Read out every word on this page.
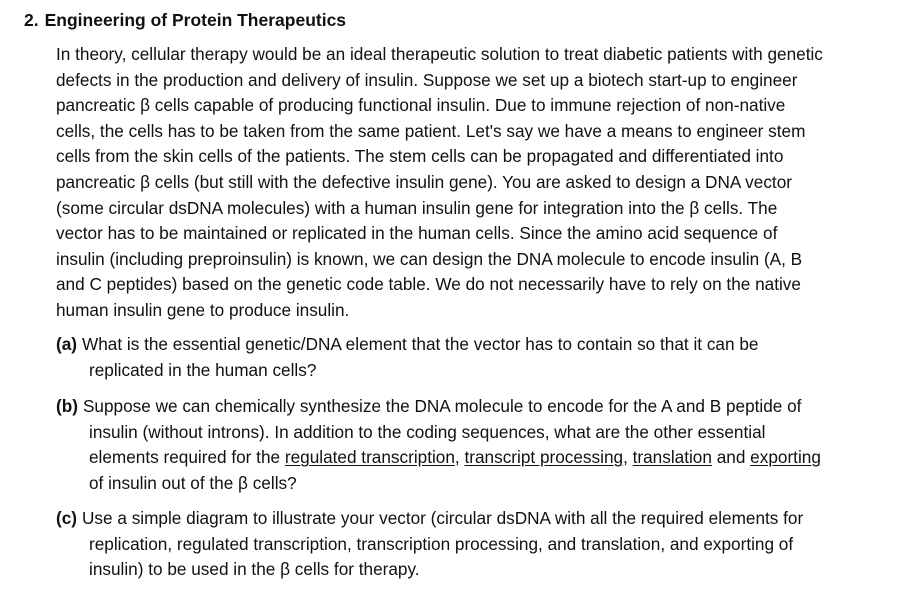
2. Engineering of Protein Therapeutics
In theory, cellular therapy would be an ideal therapeutic solution to treat diabetic patients with genetic
defects in the production and delivery of insulin. Suppose we set up a biotech start-up to engineer
pancreatic β cells capable of producing functional insulin. Due to immune rejection of non-native
cells, the cells has to be taken from the same patient. Let's say we have a means to engineer stem
cells from the skin cells of the patients. The stem cells can be propagated and differentiated into
pancreatic β cells (but still with the defective insulin gene). You are asked to design a DNA vector
(some circular dsDNA molecules) with a human insulin gene for integration into the β cells. The
vector has to be maintained or replicated in the human cells. Since the amino acid sequence of
insulin (including preproinsulin) is known, we can design the DNA molecule to encode insulin (A, B
and C peptides) based on the genetic code table. We do not necessarily have to rely on the native
human insulin gene to produce insulin.
(a) What is the essential genetic/DNA element that the vector has to contain so that it can be
replicated in the human cells?
(b) Suppose we can chemically synthesize the DNA molecule to encode for the A and B peptide of
insulin (without introns). In addition to the coding sequences, what are the other essential
elements required for the regulated transcription, transcript processing, translation and exporting
of insulin out of the β cells?
(c) Use a simple diagram to illustrate your vector (circular dsDNA with all the required elements for
replication, regulated transcription, transcription processing, and translation, and exporting of
insulin) to be used in the β cells for therapy.
